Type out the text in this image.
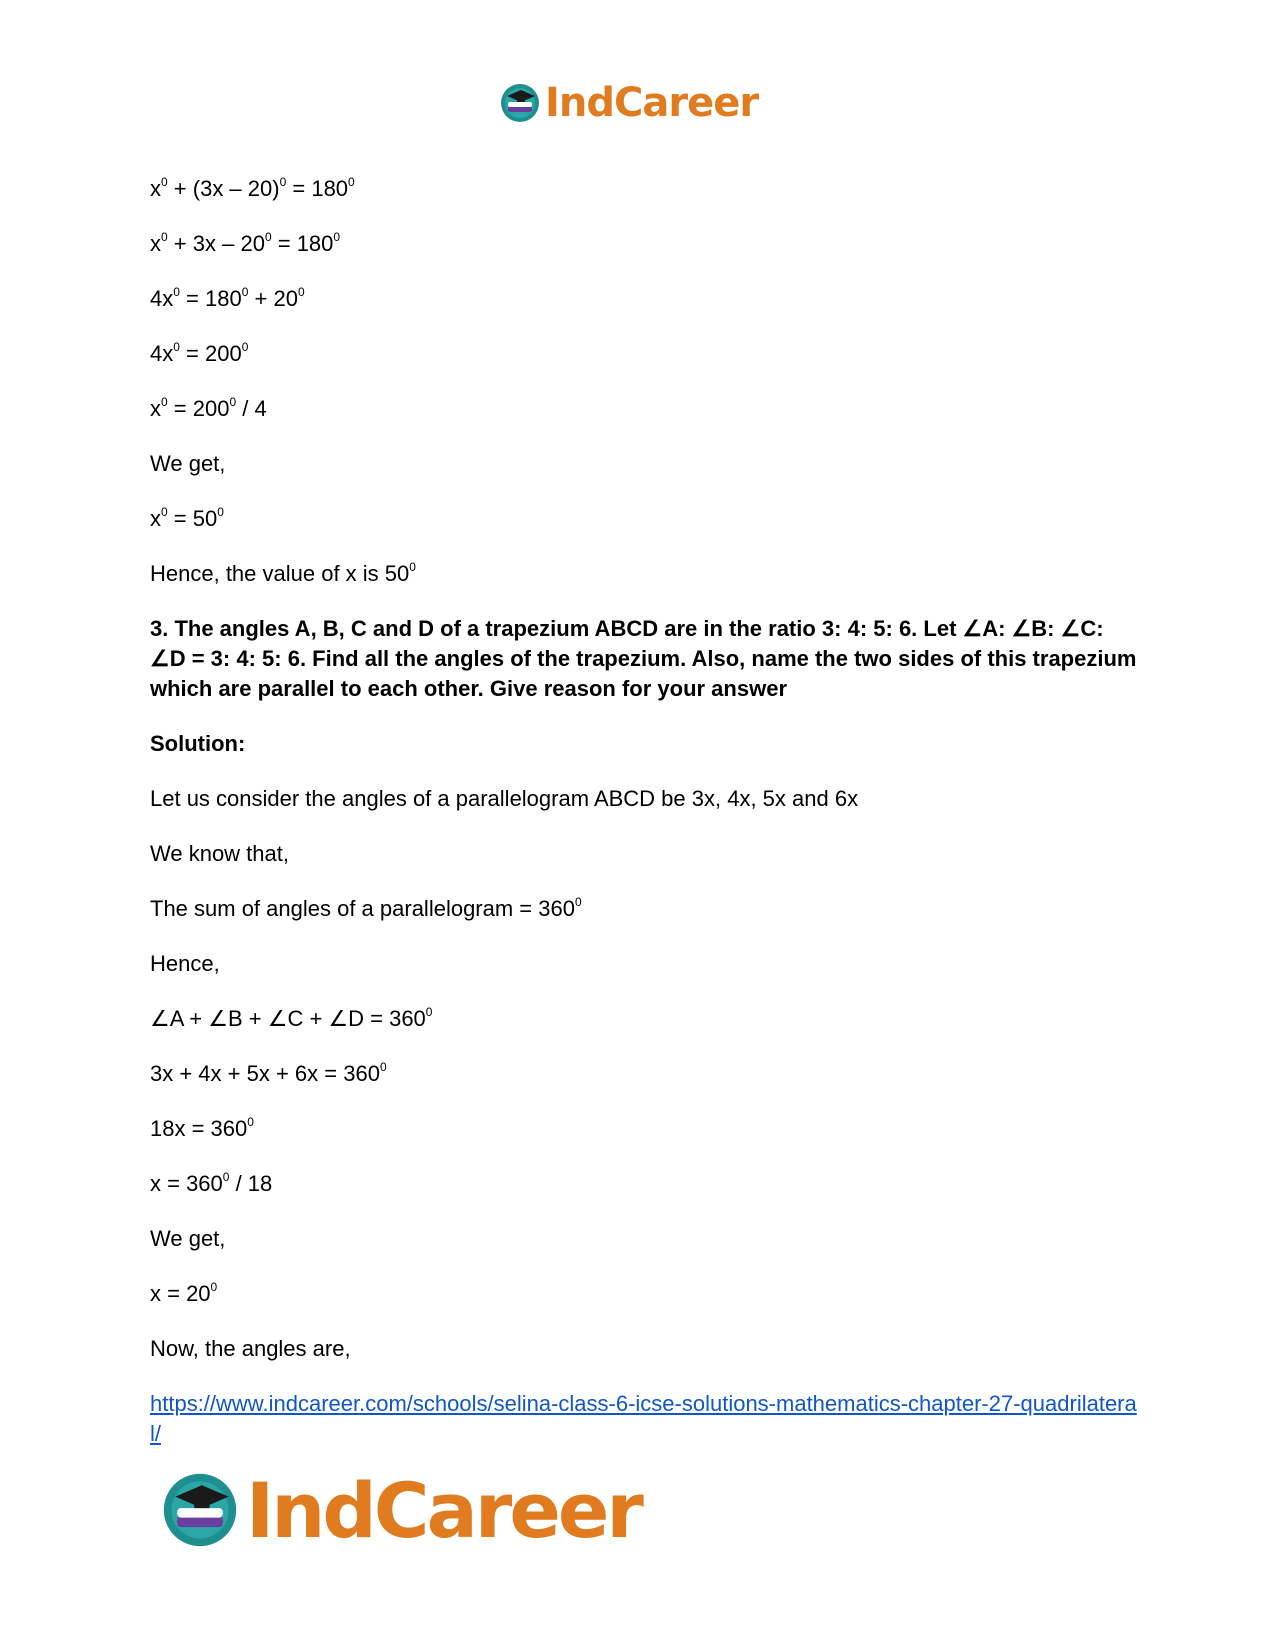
IndCareer
$x^0 + (3x - 20)^0 = 180^0$
$x^0 + 3x - 20^0 = 180^0$
$4x^0 = 180^0 + 20^0$
$4x^0 = 200^0$
$x^0 = 200^0 / 4$
We get,
$x^0 = 50^0$
Hence, the value of x is $50^0$
3. The angles A, B, C and D of a trapezium ABCD are in the ratio 3: 4: 5: 6. Let ∠A: ∠B: ∠C: ∠D = 3: 4: 5: 6. Find all the angles of the trapezium. Also, name the two sides of this trapezium which are parallel to each other. Give reason for your answer
Solution:
Let us consider the angles of a parallelogram ABCD be 3x, 4x, 5x and 6x
We know that,
The sum of angles of a parallelogram = $360^0$
Hence,
∠A + ∠B + ∠C + ∠D = $360^0$
$3x + 4x + 5x + 6x = 360^0$
$18x = 360^0$
$x = 360^0 / 18$
We get,
$x = 20^0$
Now, the angles are,
https://www.indcareer.com/schools/selina-class-6-icse-solutions-mathematics-chapter-27-quadrilateral/
IndCareer
